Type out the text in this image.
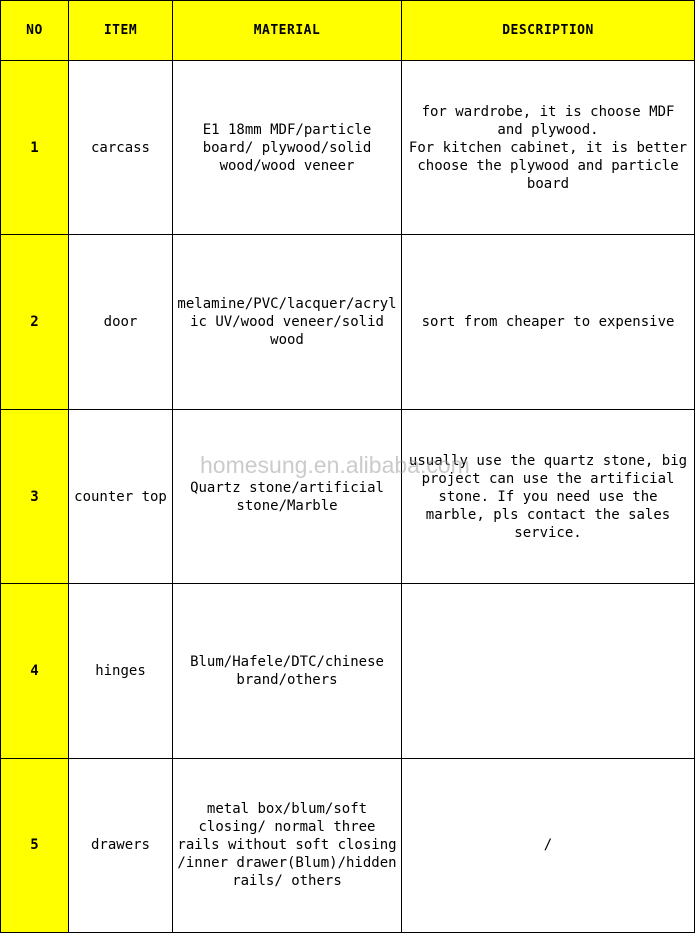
NO	ITEM	MATERIAL	DESCRIPTION
1	carcass	E1 18mm MDF/particle board/ plywood/solid wood/wood veneer	for wardrobe, it is choose MDF and plywood.
For kitchen cabinet, it is better choose the plywood and particle board
2	door	melamine/PVC/lacquer/acrylic UV/wood veneer/solid wood	sort from cheaper to expensive
3	counter top	Quartz stone/artificial stone/Marble	usually use the quartz stone, big project can use the artificial stone. If you need use the marble, pls contact the sales service.
4	hinges	Blum/Hafele/DTC/chinese brand/others	
5	drawers	metal box/blum/soft closing/ normal three rails without soft closing /inner drawer(Blum)/hidden rails/ others	/
homesung.en.alibaba.com
